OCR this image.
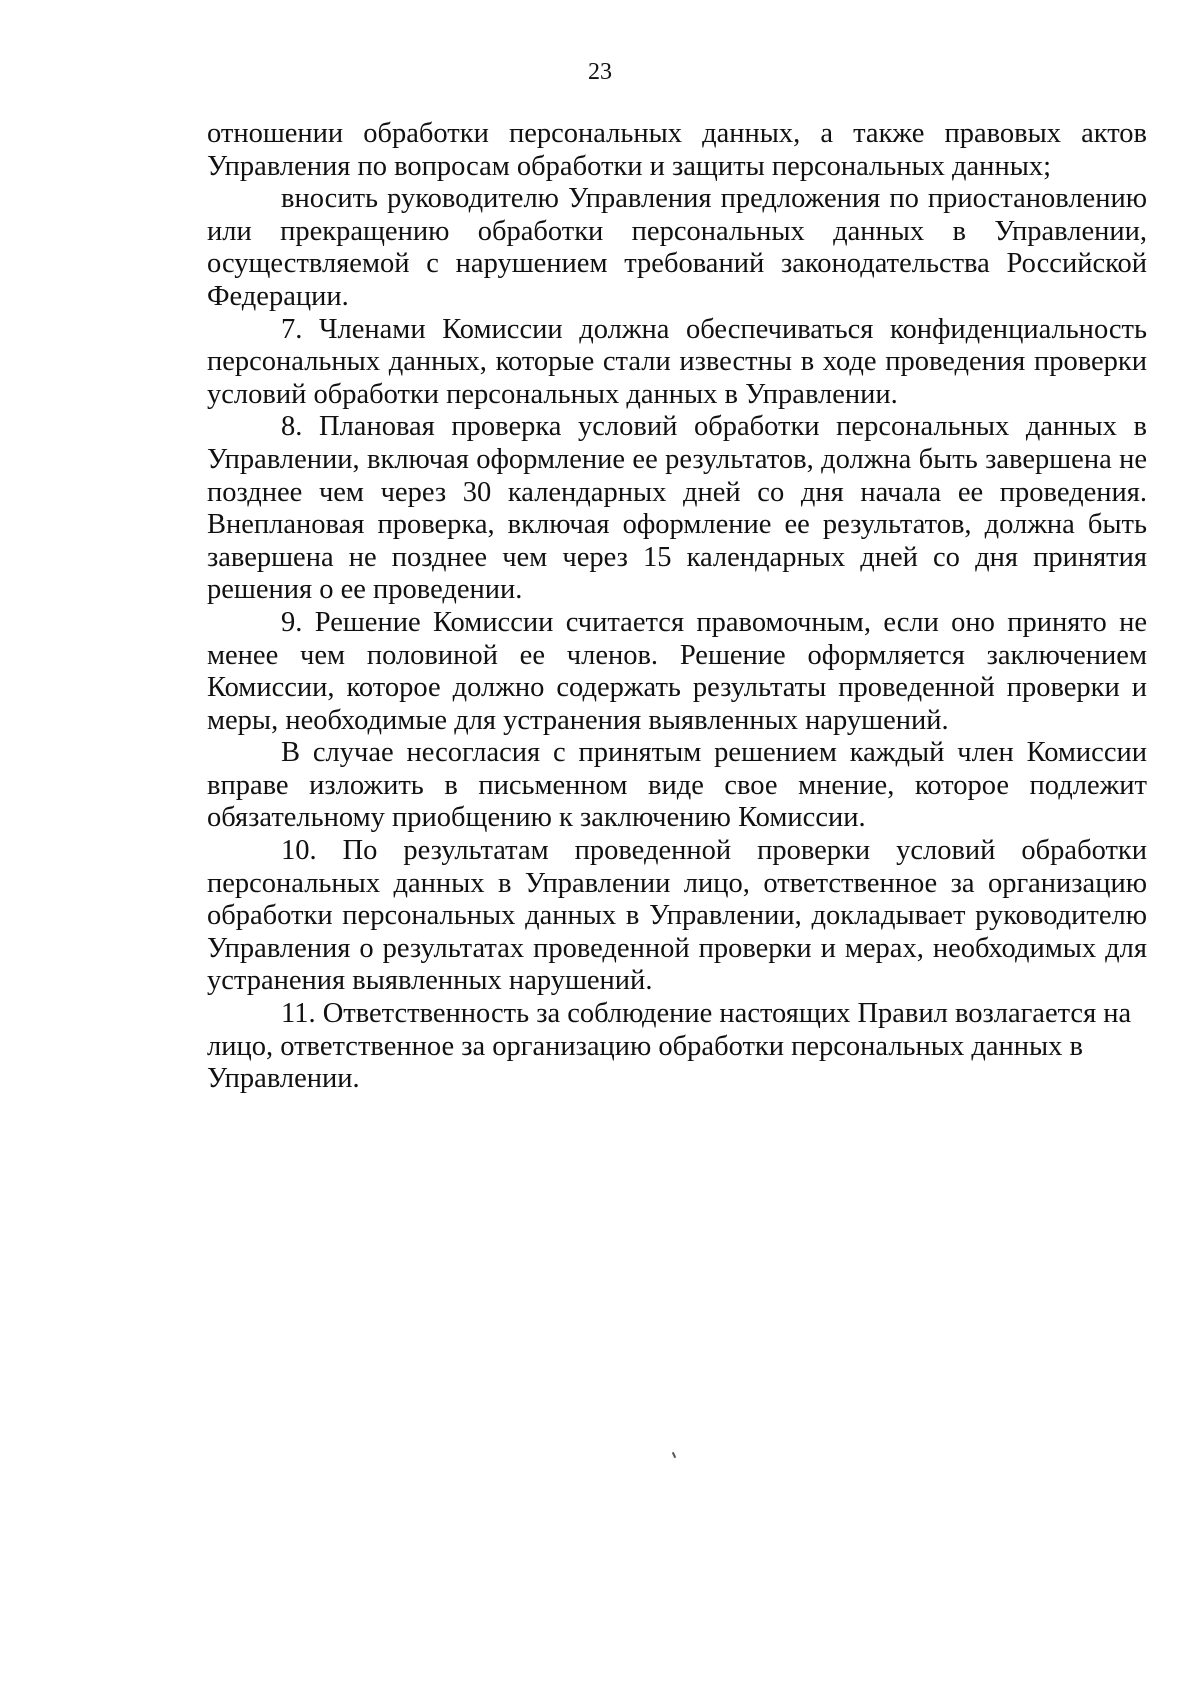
23

отношении обработки персональных данных, а также правовых актов Управления по вопросам обработки и защиты персональных данных;

вносить руководителю Управления предложения по приостановлению или прекращению обработки персональных данных в Управлении, осуществляемой с нарушением требований законодательства Российской Федерации.

7. Членами Комиссии должна обеспечиваться конфиденциальность персональных данных, которые стали известны в ходе проведения проверки условий обработки персональных данных в Управлении.

8. Плановая проверка условий обработки персональных данных в Управлении, включая оформление ее результатов, должна быть завершена не позднее чем через 30 календарных дней со дня начала ее проведения. Внеплановая проверка, включая оформление ее результатов, должна быть завершена не позднее чем через 15 календарных дней со дня принятия решения о ее проведении.

9. Решение Комиссии считается правомочным, если оно принято не менее чем половиной ее членов. Решение оформляется заключением Комиссии, которое должно содержать результаты проведенной проверки и меры, необходимые для устранения выявленных нарушений.

В случае несогласия с принятым решением каждый член Комиссии вправе изложить в письменном виде свое мнение, которое подлежит обязательному приобщению к заключению Комиссии.

10. По результатам проведенной проверки условий обработки персональных данных в Управлении лицо, ответственное за организацию обработки персональных данных в Управлении, докладывает руководителю Управления о результатах проведенной проверки и мерах, необходимых для устранения выявленных нарушений.

11. Ответственность за соблюдение настоящих Правил возлагается на лицо, ответственное за организацию обработки персональных данных в Управлении.
